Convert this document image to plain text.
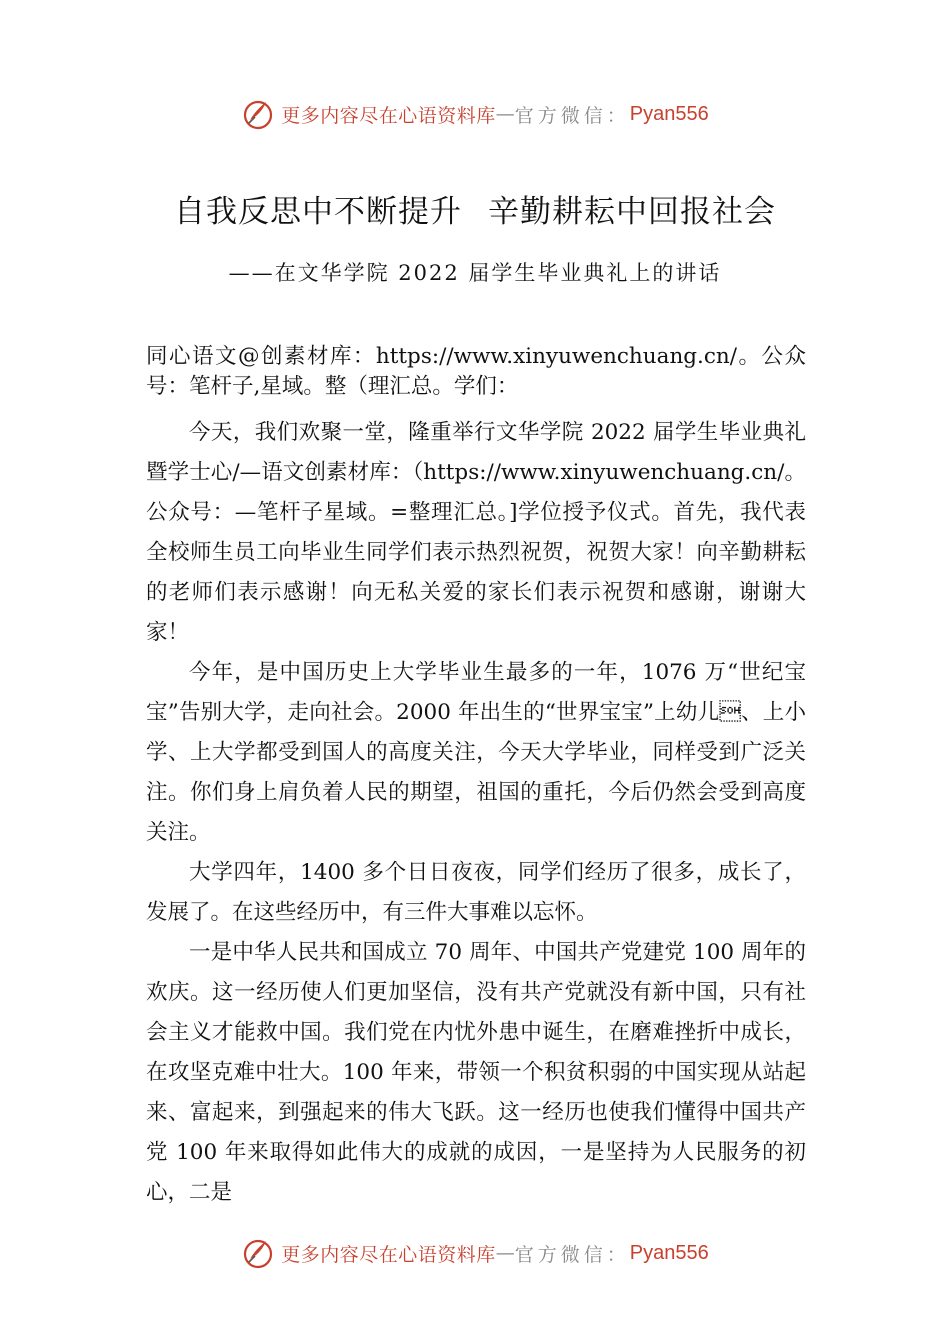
更多内容尽在心语资料库 — 官方微信： Pyan556
自我反思中不断提升 辛勤耕耘中回报社会
——在文华学院 2022 届学生毕业典礼上的讲话

同心语文@创素材库：https://www.xinyuwenchuang.cn/。公众号：笔杆子,星域。整（理汇总。学们：

今天，我们欢聚一堂，隆重举行文华学院 2022 届学生毕业典礼暨学士心/—语文创素材库：（https://www.xinyuwenchuang.cn/。公众号：—笔杆子星域。=整理汇总。]学位授予仪式。首先，我代表全校师生员工向毕业生同学们表示热烈祝贺，祝贺大家！向辛勤耕耘的老师们表示感谢！向无私关爱的家长们表示祝贺和感谢，谢谢大家！

今年，是中国历史上大学毕业生最多的一年，1076 万“世纪宝宝”告别大学，走向社会。2000 年出生的“世界宝宝”上幼儿、上小学、上大学都受到国人的高度关注，今天大学毕业，同样受到广泛关注。你们身上肩负着人民的期望，祖国的重托，今后仍然会受到高度关注。

大学四年，1400 多个日日夜夜，同学们经历了很多，成长了，发展了。在这些经历中，有三件大事难以忘怀。

一是中华人民共和国成立 70 周年、中国共产党建党 100 周年的欢庆。这一经历使人们更加坚信，没有共产党就没有新中国，只有社会主义才能救中国。我们党在内忧外患中诞生，在磨难挫折中成长，在攻坚克难中壮大。100 年来，带领一个积贫积弱的中国实现从站起来、富起来，到强起来的伟大飞跃。这一经历也使我们懂得中国共产党 100 年来取得如此伟大的成就的成因，一是坚持为人民服务的初心，二是

更多内容尽在心语资料库 — 官方微信： Pyan556
